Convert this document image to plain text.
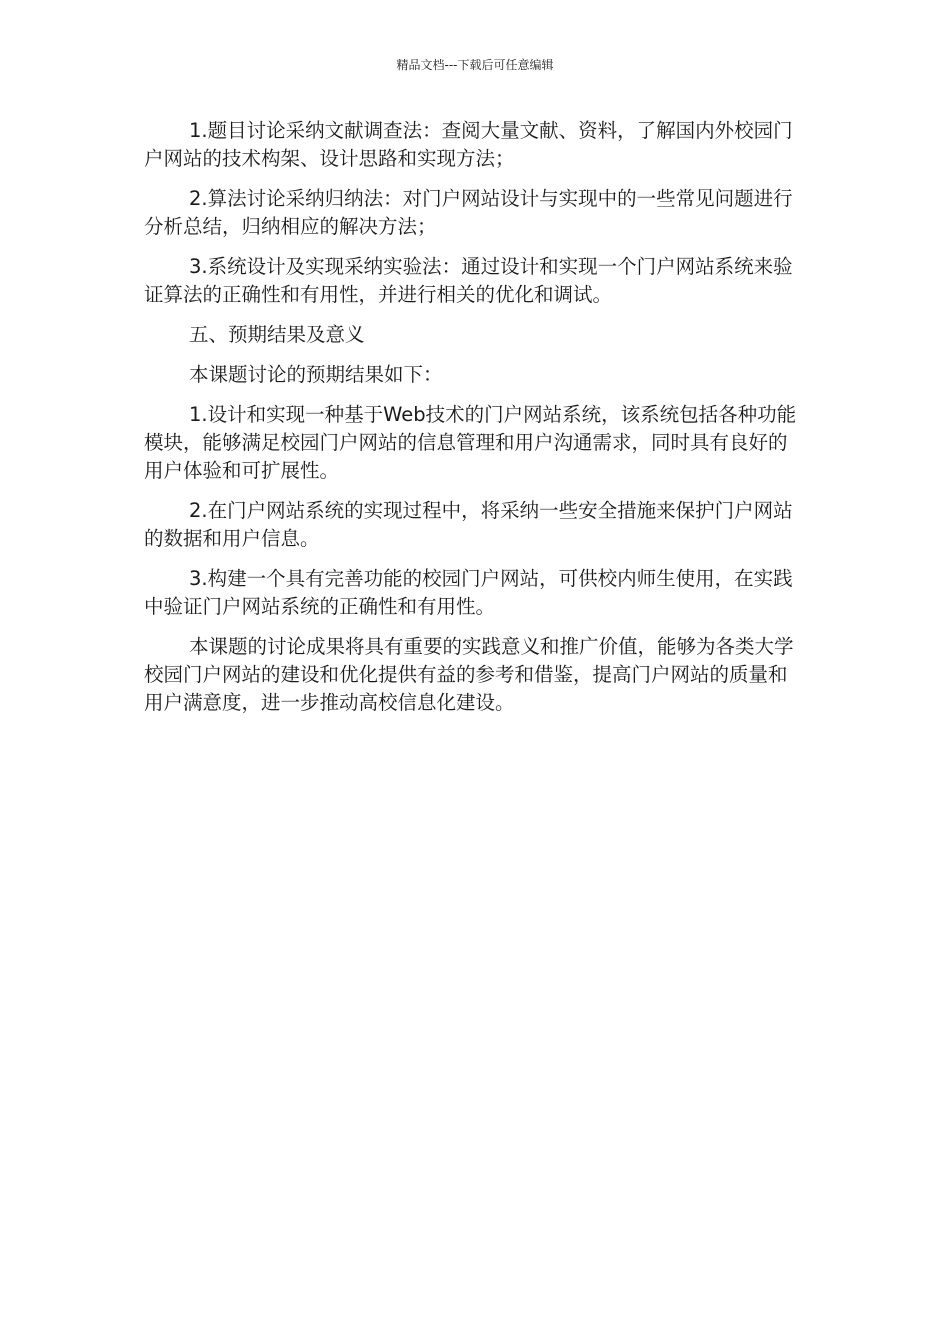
精品文档---下载后可任意编辑

1.题目讨论采纳文献调查法：查阅大量文献、资料，了解国内外校园门户网站的技术构架、设计思路和实现方法；

2.算法讨论采纳归纳法：对门户网站设计与实现中的一些常见问题进行分析总结，归纳相应的解决方法；

3.系统设计及实现采纳实验法：通过设计和实现一个门户网站系统来验证算法的正确性和有用性，并进行相关的优化和调试。

五、预期结果及意义

本课题讨论的预期结果如下：

1.设计和实现一种基于Web技术的门户网站系统，该系统包括各种功能模块，能够满足校园门户网站的信息管理和用户沟通需求，同时具有良好的用户体验和可扩展性。

2.在门户网站系统的实现过程中，将采纳一些安全措施来保护门户网站的数据和用户信息。

3.构建一个具有完善功能的校园门户网站，可供校内师生使用，在实践中验证门户网站系统的正确性和有用性。

本课题的讨论成果将具有重要的实践意义和推广价值，能够为各类大学校园门户网站的建设和优化提供有益的参考和借鉴，提高门户网站的质量和用户满意度，进一步推动高校信息化建设。
